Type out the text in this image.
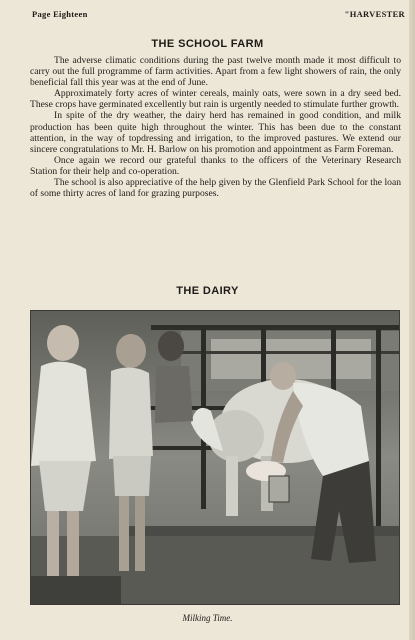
Page Eighteen	"HARVESTER
THE SCHOOL FARM

The adverse climatic conditions during the past twelve month made it most difficult to carry out the full programme of farm activities. Apart from a few light showers of rain, the only beneficial fall this year was at the end of June.

Approximately forty acres of winter cereals, mainly oats, were sown in a dry seed bed. These crops have germinated excellently but rain is urgently needed to stimulate further growth.

In spite of the dry weather, the dairy herd has remained in good condition, and milk production has been quite high throughout the winter. This has been due to the constant attention, in the way of topdressing and irrigation, to the improved pastures. We extend our sincere congratulations to Mr. H. Barlow on his promotion and appointment as Farm Foreman.

Once again we record our grateful thanks to the officers of the Veterinary Research Station for their help and co-operation.

The school is also appreciative of the help given by the Glenfield Park School for the loan of some thirty acres of land for grazing purposes.

THE DAIRY
Milking Time.
